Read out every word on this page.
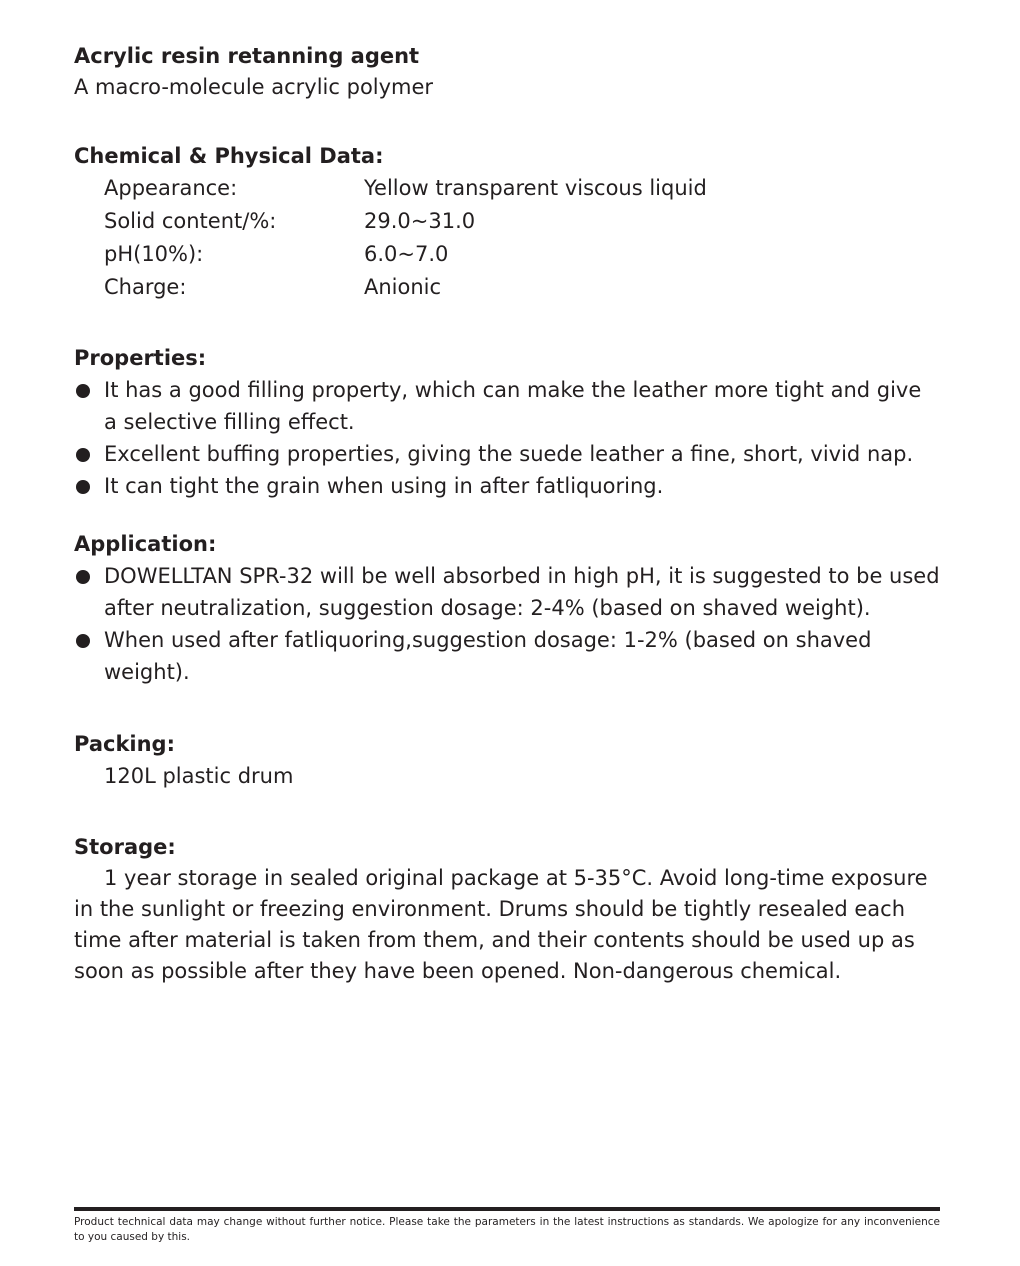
Acrylic resin retanning agent

A macro-molecule acrylic polymer

Chemical & Physical Data:
Appearance:	Yellow transparent viscous liquid
Solid content/%:	29.0~31.0
pH(10%):	6.0~7.0
Charge:	Anionic
Properties:
It has a good filling property, which can make the leather more tight and give a selective filling effect.
Excellent buffing properties, giving the suede leather a fine, short, vivid nap.
It can tight the grain when using in after fatliquoring.
Application:
DOWELLTAN SPR-32 will be well absorbed in high pH, it is suggested to be used after neutralization, suggestion dosage: 2-4% (based on shaved weight).
When used after fatliquoring,suggestion dosage: 1-2% (based on shaved weight).
Packing:

120L plastic drum

Storage:

1 year storage in sealed original package at 5-35°C. Avoid long-time exposure in the sunlight or freezing environment. Drums should be tightly resealed each time after material is taken from them, and their contents should be used up as soon as possible after they have been opened. Non-dangerous chemical.

Product technical data may change without further notice. Please take the parameters in the latest instructions as standards. We apologize for any inconvenience to you caused by this.
